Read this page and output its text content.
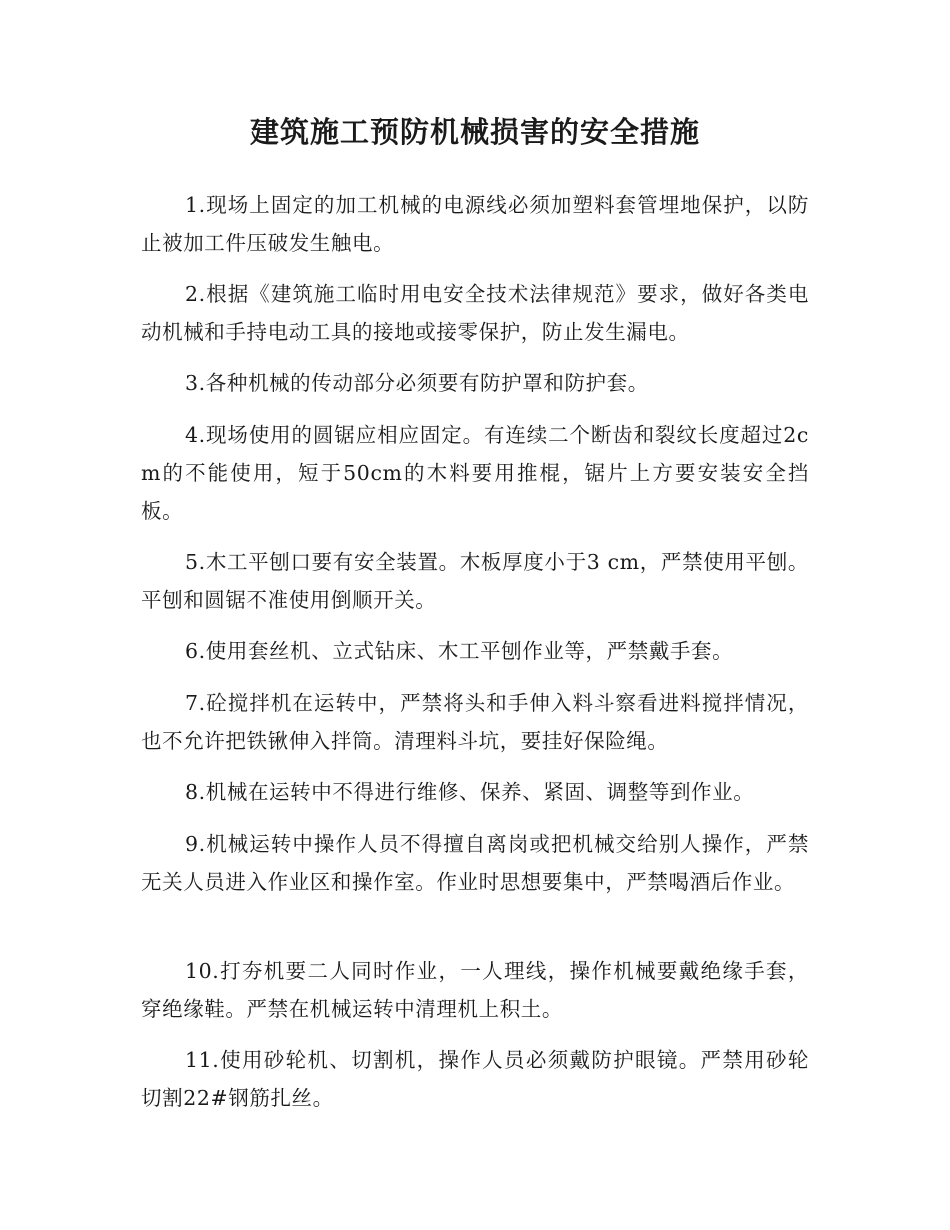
建筑施工预防机械损害的安全措施

1.现场上固定的加工机械的电源线必须加塑料套管埋地保护，以防止被加工件压破发生触电。

2.根据《建筑施工临时用电安全技术法律规范》要求，做好各类电动机械和手持电动工具的接地或接零保护，防止发生漏电。

3.各种机械的传动部分必须要有防护罩和防护套。

4.现场使用的圆锯应相应固定。有连续二个断齿和裂纹长度超过2cm的不能使用，短于50cm的木料要用推棍，锯片上方要安装安全挡板。

5.木工平刨口要有安全装置。木板厚度小于3 cm，严禁使用平刨。平刨和圆锯不准使用倒顺开关。

6.使用套丝机、立式钻床、木工平刨作业等，严禁戴手套。

7.砼搅拌机在运转中，严禁将头和手伸入料斗察看进料搅拌情况，也不允许把铁锹伸入拌筒。清理料斗坑，要挂好保险绳。

8.机械在运转中不得进行维修、保养、紧固、调整等到作业。

9.机械运转中操作人员不得擅自离岗或把机械交给别人操作，严禁无关人员进入作业区和操作室。作业时思想要集中，严禁喝酒后作业。

10.打夯机要二人同时作业，一人理线，操作机械要戴绝缘手套，穿绝缘鞋。严禁在机械运转中清理机上积土。

11.使用砂轮机、切割机，操作人员必须戴防护眼镜。严禁用砂轮切割22#钢筋扎丝。
